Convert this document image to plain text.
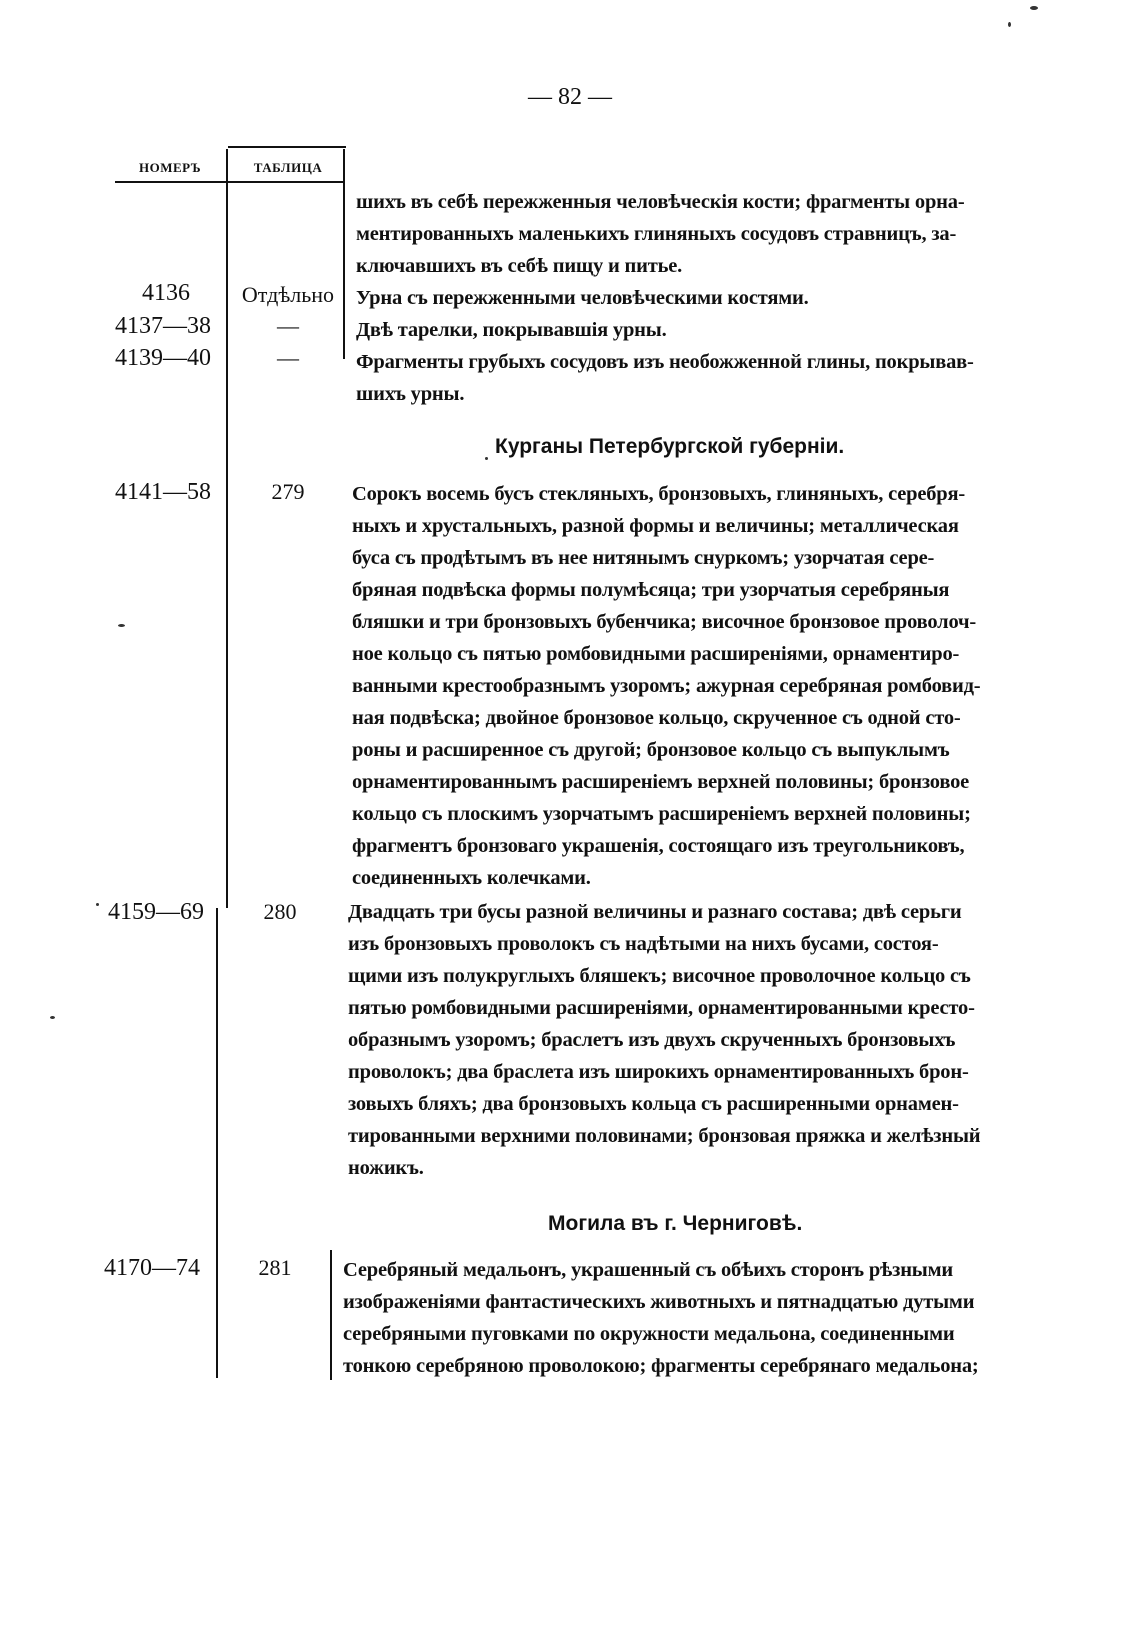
— 82 —
НОМЕРЪ	ТАБЛИЦА
шихъ въ себѣ пережженныя человѣческія кости; фрагменты орна-
ментированныхъ маленькихъ глиняныхъ сосудовъ стравницъ, за-
ключавшихъ въ себѣ пищу и питье.
4136	Отдѣльно	Урна съ пережженными человѣческими костями.
4137—38	—	Двѣ тарелки, покрывавшія урны.
4139—40	—	Фрагменты грубыхъ сосудовъ изъ необожженной глины, покрывав-
шихъ урны.
Курганы Петербургской губерніи.
4141—58	279	Сорокъ восемь бусъ стекляныхъ, бронзовыхъ, глиняныхъ, серебря-
ныхъ и хрустальныхъ, разной формы и величины; металлическая
буса съ продѣтымъ въ нее нитянымъ снуркомъ; узорчатая сере-
бряная подвѣска формы полумѣсяца; три узорчатыя серебряныя
бляшки и три бронзовыхъ бубенчика; височное бронзовое проволоч-
ное кольцо съ пятью ромбовидными расширеніями, орнаментиро-
ванными крестообразнымъ узоромъ; ажурная серебряная ромбовид-
ная подвѣска; двойное бронзовое кольцо, скрученное съ одной сто-
роны и расширенное съ другой; бронзовое кольцо съ выпуклымъ
орнаментированнымъ расширеніемъ верхней половины; бронзовое
кольцо съ плоскимъ узорчатымъ расширеніемъ верхней половины;
фрагментъ бронзоваго украшенія, состоящаго изъ треугольниковъ,
соединенныхъ колечками.
4159—69	280	Двадцать три бусы разной величины и разнаго состава; двѣ серьги
изъ бронзовыхъ проволокъ съ надѣтыми на нихъ бусами, состоя-
щими изъ полукруглыхъ бляшекъ; височное проволочное кольцо съ
пятью ромбовидными расширеніями, орнаментированными кресто-
образнымъ узоромъ; браслетъ изъ двухъ скрученныхъ бронзовыхъ
проволокъ; два браслета изъ широкихъ орнаментированныхъ брон-
зовыхъ бляхъ; два бронзовыхъ кольца съ расширенными орнамен-
тированными верхними половинами; бронзовая пряжка и желѣзный
ножикъ.
Могила въ г. Черниговѣ.
4170—74	281	Серебряный медальонъ, украшенный съ обѣихъ сторонъ рѣзными
изображеніями фантастическихъ животныхъ и пятнадцатью дутыми
серебряными пуговками по окружности медальона, соединенными
тонкою серебряною проволокою; фрагменты серебрянаго медальона;
